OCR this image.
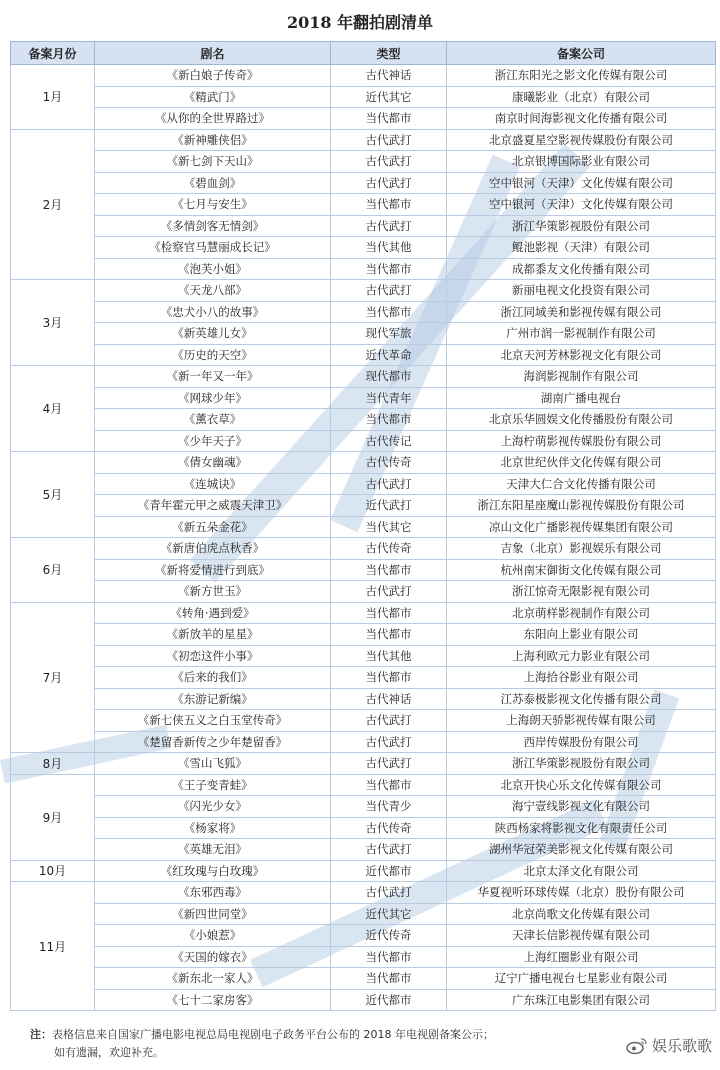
2018 年翻拍剧清单
备案月份	剧名	类型	备案公司
1月	《新白娘子传奇》	古代神话	浙江东阳光之影文化传媒有限公司
	《精武门》	近代其它	康曦影业（北京）有限公司
	《从你的全世界路过》	当代都市	南京时间海影视文化传播有限公司
2月	《新神雕侠侣》	古代武打	北京盛夏星空影视传媒股份有限公司
	《新七剑下天山》	古代武打	北京银博国际影业有限公司
	《碧血剑》	古代武打	空中银河（天津）文化传媒有限公司
	《七月与安生》	当代都市	空中银河（天津）文化传媒有限公司
	《多情剑客无情剑》	古代武打	浙江华策影视股份有限公司
	《检察官马慧丽成长记》	当代其他	鲲池影视（天津）有限公司
	《泡芙小姐》	当代都市	成都黍友文化传播有限公司
3月	《天龙八部》	古代武打	新丽电视文化投资有限公司
	《忠犬小八的故事》	当代都市	浙江同域美和影视传媒有限公司
	《新英雄儿女》	现代军旅	广州市润一影视制作有限公司
	《历史的天空》	近代革命	北京天河芳林影视文化有限公司
4月	《新一年又一年》	现代都市	海润影视制作有限公司
	《网球少年》	当代青年	湖南广播电视台
	《薰衣草》	当代都市	北京乐华圆娱文化传播股份有限公司
	《少年天子》	古代传记	上海柠萌影视传媒股份有限公司
5月	《倩女幽魂》	古代传奇	北京世纪伙伴文化传媒有限公司
	《连城诀》	古代武打	天津大仁合文化传播有限公司
	《青年霍元甲之威震天津卫》	近代武打	浙江东阳星座魔山影视传媒股份有限公司
	《新五朵金花》	当代其它	凉山文化广播影视传媒集团有限公司
6月	《新唐伯虎点秋香》	古代传奇	吉象（北京）影视娱乐有限公司
	《新将爱情进行到底》	当代都市	杭州南宋御街文化传媒有限公司
	《新方世玉》	古代武打	浙江惊奇无限影视有限公司
7月	《转角·遇到爱》	当代都市	北京萌样影视制作有限公司
	《新放羊的星星》	当代都市	东阳向上影业有限公司
	《初恋这件小事》	当代其他	上海利欧元力影业有限公司
	《后来的我们》	当代都市	上海拾谷影业有限公司
	《东游记新编》	古代神话	江苏泰极影视文化传播有限公司
	《新七侠五义之白玉堂传奇》	古代武打	上海朗天骄影视传媒有限公司
	《楚留香新传之少年楚留香》	古代武打	西岸传媒股份有限公司
8月	《雪山飞狐》	古代武打	浙江华策影视股份有限公司
9月	《王子变青蛙》	当代都市	北京开快心乐文化传媒有限公司
	《闪光少女》	当代青少	海宁壹线影视文化有限公司
	《杨家将》	古代传奇	陕西杨家将影视文化有限责任公司
	《英雄无泪》	古代武打	湖州华冠荣美影视文化传媒有限公司
10月	《红玫瑰与白玫瑰》	近代都市	北京太泽文化有限公司
11月	《东邪西毒》	古代武打	华夏视听环球传媒（北京）股份有限公司
	《新四世同堂》	近代其它	北京尚歌文化传媒有限公司
	《小娘惹》	近代传奇	天津长信影视传媒有限公司
	《天国的嫁衣》	当代都市	上海红圈影业有限公司
	《新东北一家人》	当代都市	辽宁广播电视台七星影业有限公司
	《七十二家房客》	近代都市	广东珠江电影集团有限公司
注：表格信息来自国家广播电影电视总局电视剧电子政务平台公布的 2018 年电视剧备案公示；
如有遗漏，欢迎补充。	娱乐歌歌
